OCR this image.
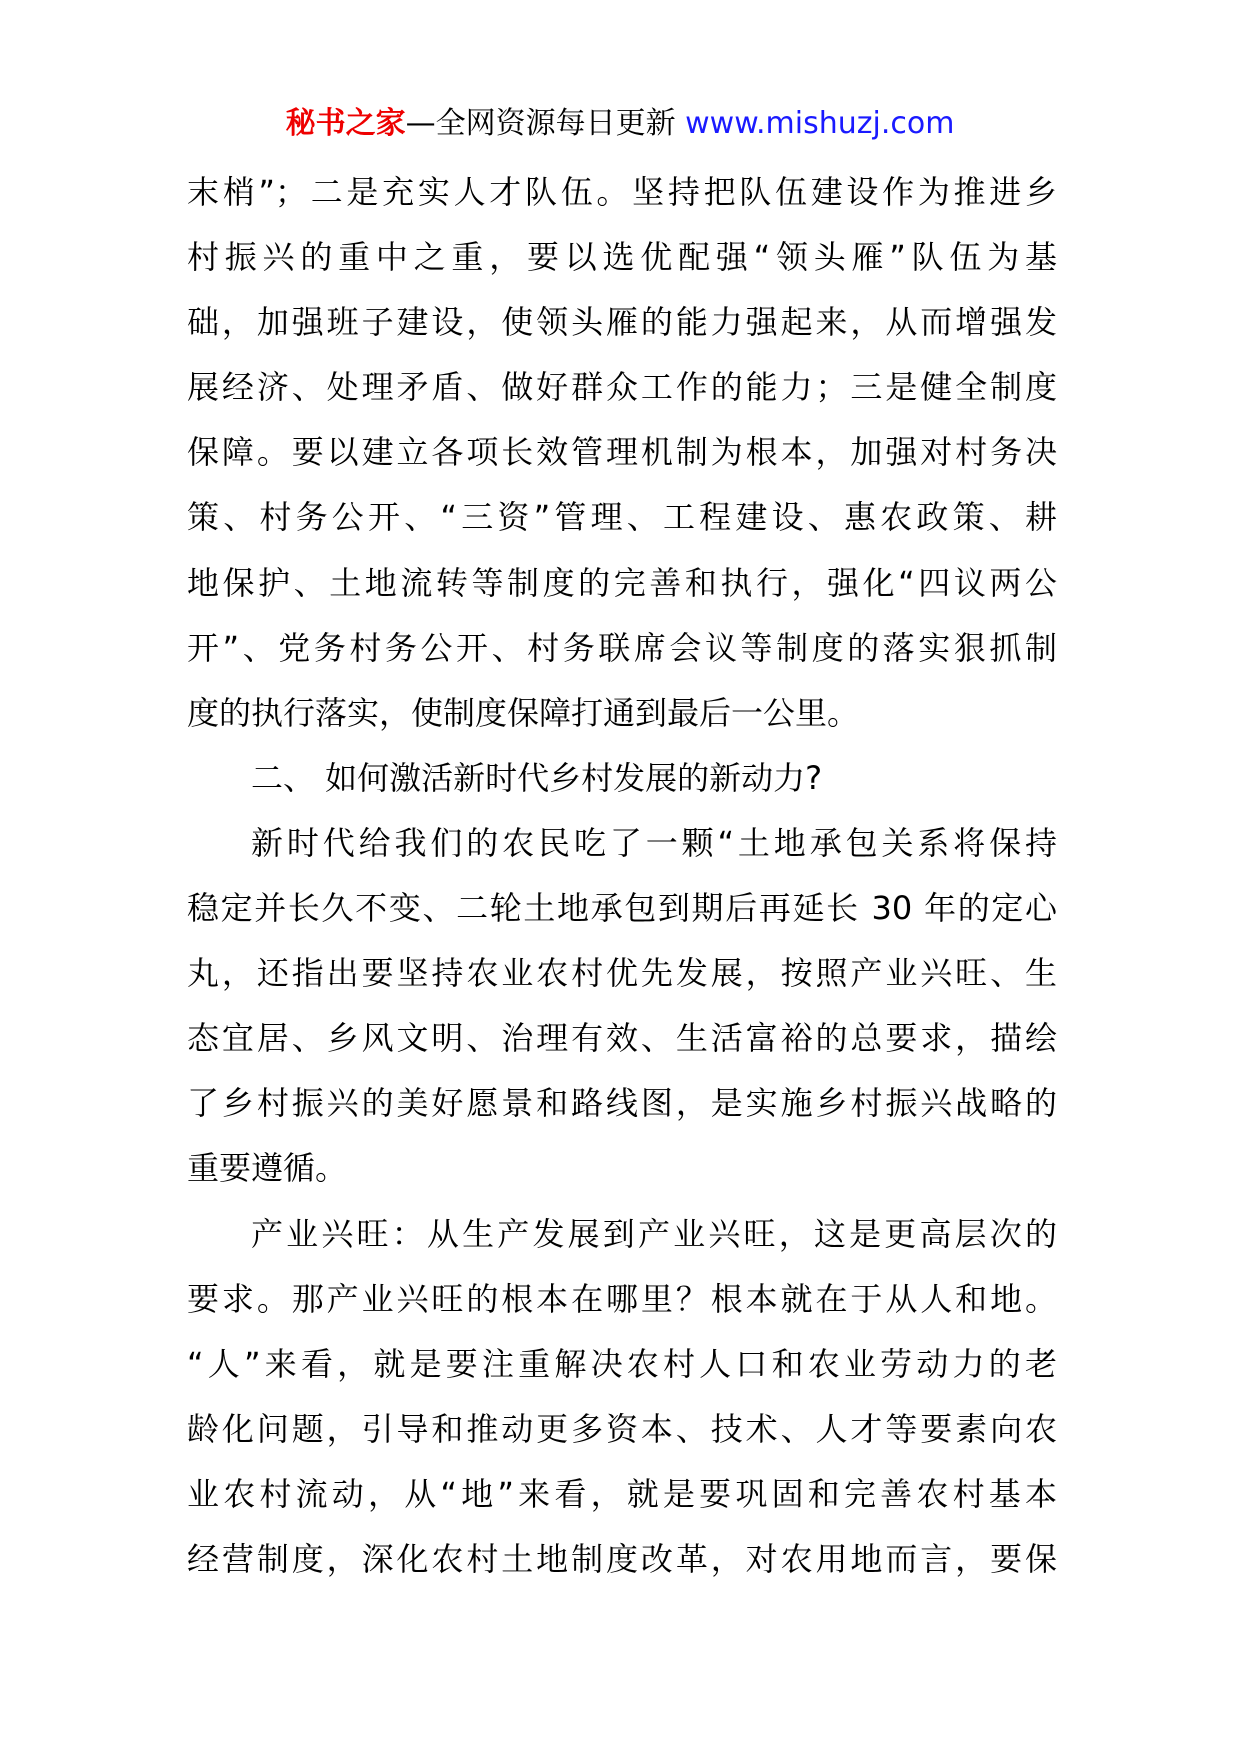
秘书之家—全网资源每日更新 www.mishuzj.com
末梢”；二是充实人才队伍。坚持把队伍建设作为推进乡
村振兴的重中之重，要以选优配强“领头雁”队伍为基
础，加强班子建设，使领头雁的能力强起来，从而增强发
展经济、处理矛盾、做好群众工作的能力；三是健全制度
保障。要以建立各项长效管理机制为根本，加强对村务决
策、村务公开、“三资”管理、工程建设、惠农政策、耕
地保护、土地流转等制度的完善和执行，强化“四议两公
开”、党务村务公开、村务联席会议等制度的落实狠抓制
度的执行落实，使制度保障打通到最后一公里。
二、 如何激活新时代乡村发展的新动力?
新时代给我们的农民吃了一颗“土地承包关系将保持
稳定并长久不变、二轮土地承包到期后再延长 30 年的定心
丸，还指出要坚持农业农村优先发展，按照产业兴旺、生
态宜居、乡风文明、治理有效、生活富裕的总要求，描绘
了乡村振兴的美好愿景和路线图，是实施乡村振兴战略的
重要遵循。
产业兴旺：从生产发展到产业兴旺，这是更高层次的
要求。那产业兴旺的根本在哪里？根本就在于从人和地。
“人”来看，就是要注重解决农村人口和农业劳动力的老
龄化问题，引导和推动更多资本、技术、人才等要素向农
业农村流动，从“地”来看，就是要巩固和完善农村基本
经营制度，深化农村土地制度改革，对农用地而言，要保
